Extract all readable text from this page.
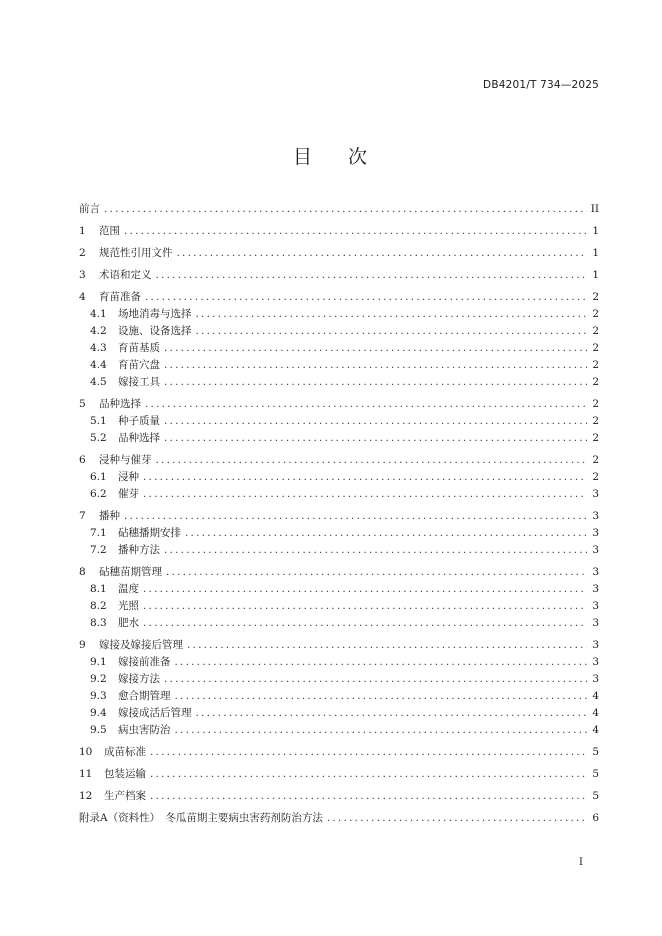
DB4201/T 734—2025
目 次
前言 .....	II
1	范围 .....	1
2	规范性引用文件 .....	1
3	术语和定义 .....	1
4	育苗准备 .....	2
4.1	场地消毒与选择 .....	2
4.2	设施、设备选择 .....	2
4.3	育苗基质 .....	2
4.4	育苗穴盘 .....	2
4.5	嫁接工具 .....	2
5	品种选择 .....	2
5.1	种子质量 .....	2
5.2	品种选择 .....	2
6	浸种与催芽 .....	2
6.1	浸种 .....	2
6.2	催芽 .....	3
7	播种 .....	3
7.1	砧穗播期安排 .....	3
7.2	播种方法 .....	3
8	砧穗苗期管理 .....	3
8.1	温度 .....	3
8.2	光照 .....	3
8.3	肥水 .....	3
9	嫁接及嫁接后管理 .....	3
9.1	嫁接前准备 .....	3
9.2	嫁接方法 .....	3
9.3	愈合期管理 .....	4
9.4	嫁接成活后管理 .....	4
9.5	病虫害防治 .....	4
10	成苗标准 .....	5
11	包装运输 .....	5
12	生产档案 .....	5
附录A（资料性）　冬瓜苗期主要病虫害药剂防治方法 .....	6
I
